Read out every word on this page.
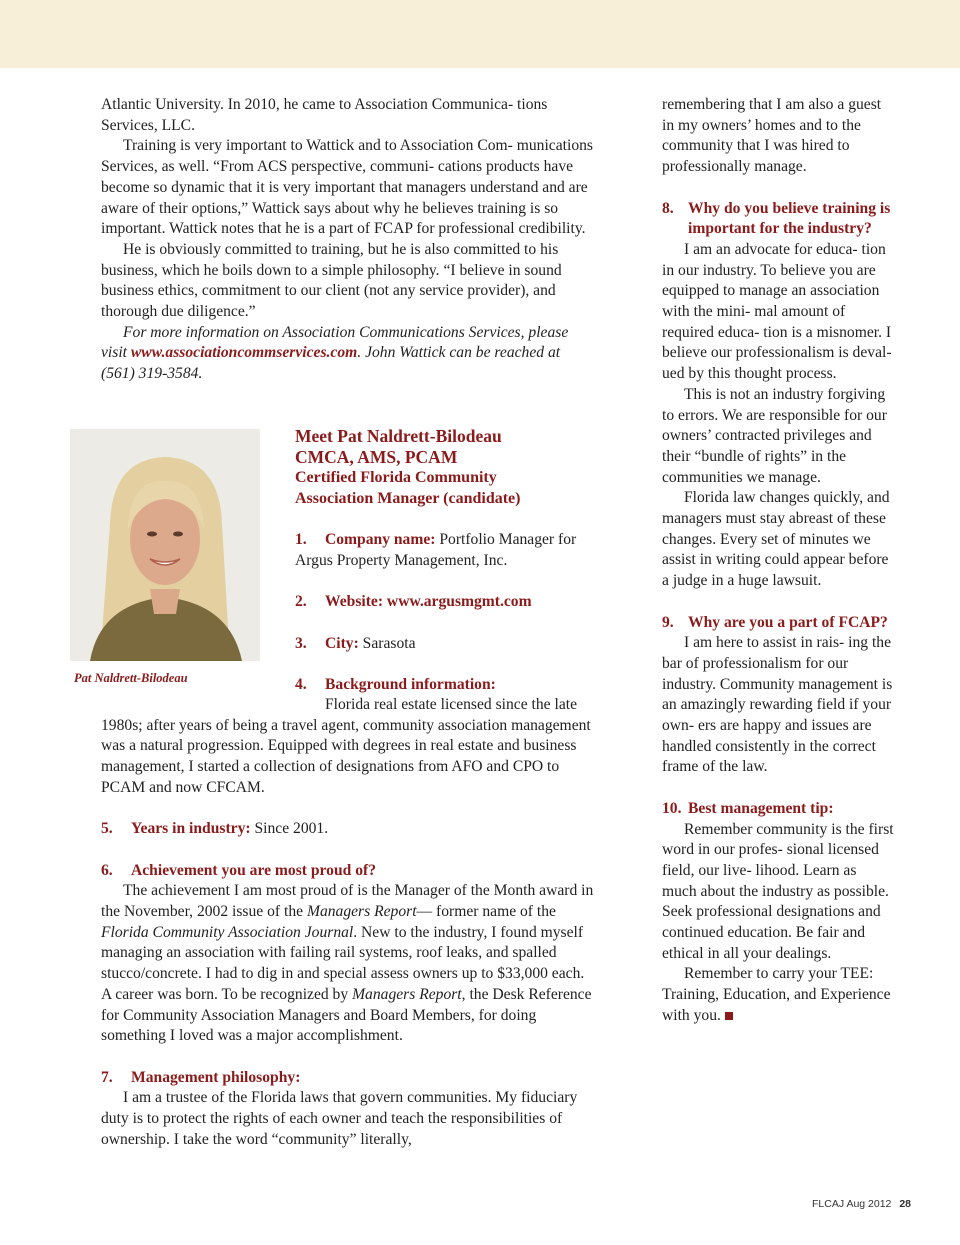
Atlantic University. In 2010, he came to Association Communica- tions Services, LLC.

Training is very important to Wattick and to Association Com- munications Services, as well. “From ACS perspective, communi- cations products have become so dynamic that it is very important that managers understand and are aware of their options,” Wattick says about why he believes training is so important. Wattick notes that he is a part of FCAP for professional credibility.

He is obviously committed to training, but he is also committed to his business, which he boils down to a simple philosophy. “I believe in sound business ethics, commitment to our client (not any service provider), and thorough due diligence.”

For more information on Association Communications Services, please visit www.associationcommservices.com. John Wattick can be reached at (561) 319-3584.

Pat Naldrett-Bilodeau
Meet Pat Naldrett-Bilodeau
CMCA, AMS, PCAM
Certified Florida Community
Association Manager (candidate)

1. Company name: Portfolio Manager for Argus Property Management, Inc.

2. Website: www.argusmgmt.com

3. City: Sarasota

4. Background information:

Florida real estate licensed since the late 1980s; after years of being a travel agent, community association management was a natural progression. Equipped with degrees in real estate and business management, I started a collection of designations from AFO and CPO to PCAM and now CFCAM.

5. Years in industry: Since 2001.

6. Achievement you are most proud of?

The achievement I am most proud of is the Manager of the Month award in the November, 2002 issue of the Managers Report— former name of the Florida Community Association Journal. New to the industry, I found myself managing an association with failing rail systems, roof leaks, and spalled stucco/concrete. I had to dig in and special assess owners up to $33,000 each. A career was born. To be recognized by Managers Report, the Desk Reference for Community Association Managers and Board Members, for doing something I loved was a major accomplishment.

7. Management philosophy:

I am a trustee of the Florida laws that govern communities. My fiduciary duty is to protect the rights of each owner and teach the responsibilities of ownership. I take the word “community” literally,

remembering that I am also a guest in my owners’ homes and to the community that I was hired to professionally manage.

8. Why do you believe training is important for the industry?

I am an advocate for educa- tion in our industry. To believe you are equipped to manage an association with the mini- mal amount of required educa- tion is a misnomer. I believe our professionalism is deval- ued by this thought process.

This is not an industry forgiving to errors. We are responsible for our owners’ contracted privileges and their “bundle of rights” in the communities we manage.

Florida law changes quickly, and managers must stay abreast of these changes. Every set of minutes we assist in writing could appear before a judge in a huge lawsuit.

9. Why are you a part of FCAP?

I am here to assist in rais- ing the bar of professionalism for our industry. Community management is an amazingly rewarding field if your own- ers are happy and issues are handled consistently in the correct frame of the law.

10. Best management tip:

Remember community is the first word in our profes- sional licensed field, our live- lihood. Learn as much about the industry as possible. Seek professional designations and continued education. Be fair and ethical in all your dealings.

Remember to carry your TEE: Training, Education, and Experience with you.

FLCAJ Aug 2012 28
